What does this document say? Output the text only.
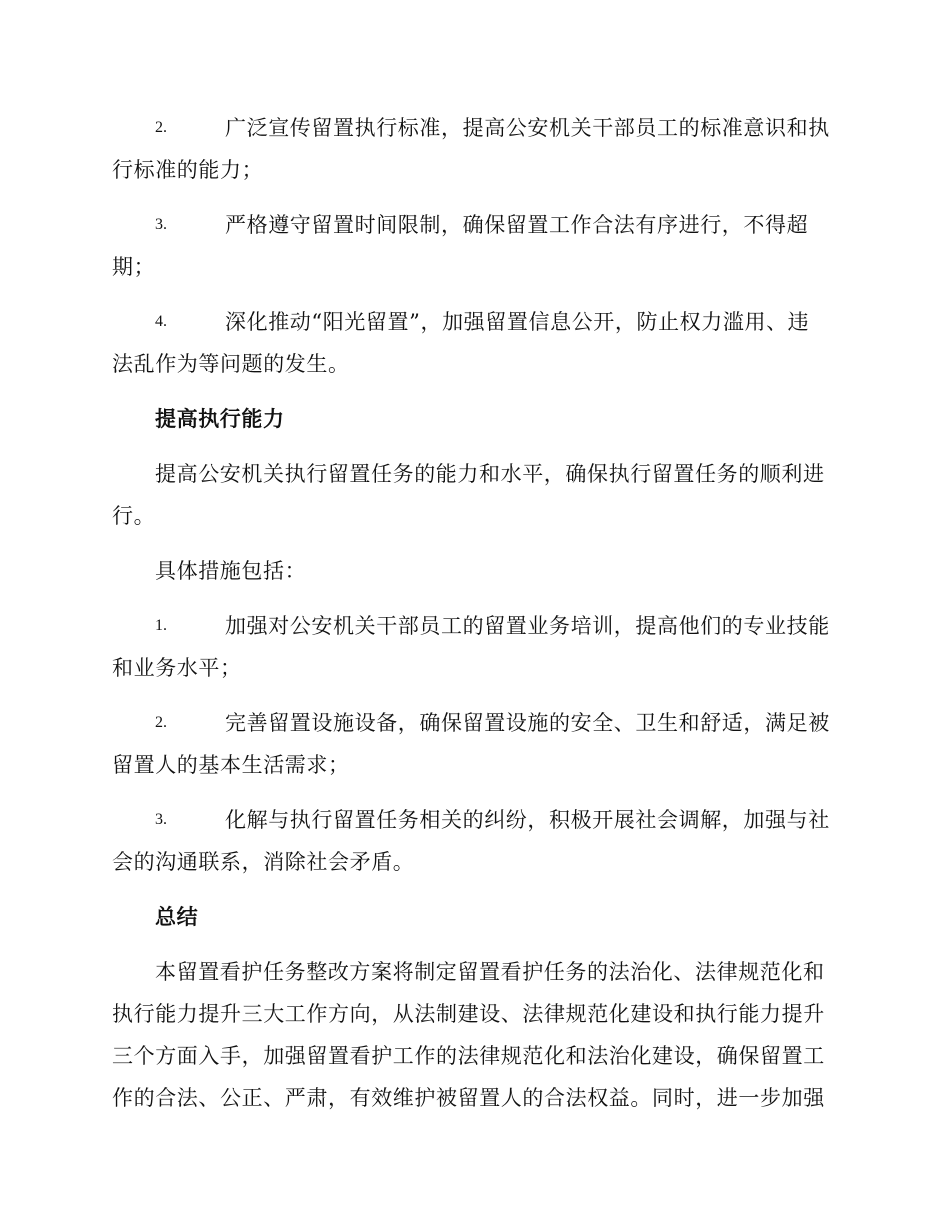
2.	广泛宣传留置执行标准，提高公安机关干部员工的标准意识和执
行标准的能力；
3.	严格遵守留置时间限制，确保留置工作合法有序进行，不得超
期；
4.	深化推动“阳光留置”，加强留置信息公开，防止权力滥用、违
法乱作为等问题的发生。
提高执行能力
提高公安机关执行留置任务的能力和水平，确保执行留置任务的顺利进
行。
具体措施包括：
1.	加强对公安机关干部员工的留置业务培训，提高他们的专业技能
和业务水平；
2.	完善留置设施设备，确保留置设施的安全、卫生和舒适，满足被
留置人的基本生活需求；
3.	化解与执行留置任务相关的纠纷，积极开展社会调解，加强与社
会的沟通联系，消除社会矛盾。
总结
本留置看护任务整改方案将制定留置看护任务的法治化、法律规范化和
执行能力提升三大工作方向，从法制建设、法律规范化建设和执行能力提升
三个方面入手，加强留置看护工作的法律规范化和法治化建设，确保留置工
作的合法、公正、严肃，有效维护被留置人的合法权益。同时，进一步加强
